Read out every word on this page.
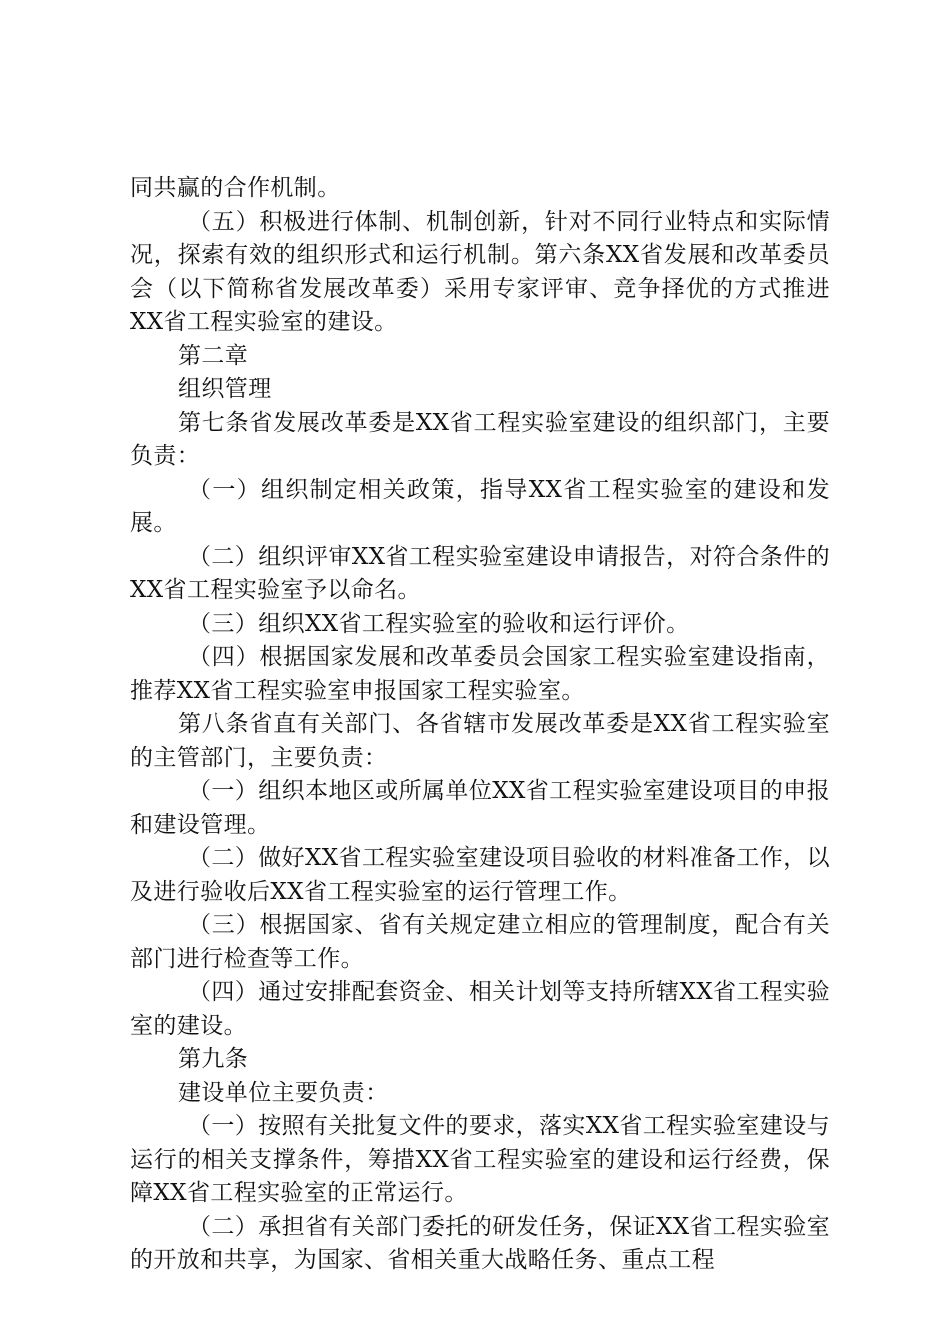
同共赢的合作机制。

（五）积极进行体制、机制创新，针对不同行业特点和实际情况，探索有效的组织形式和运行机制。第六条XX省发展和改革委员会（以下简称省发展改革委）采用专家评审、竞争择优的方式推进XX省工程实验室的建设。

第二章

组织管理

第七条省发展改革委是XX省工程实验室建设的组织部门，主要负责：

（一）组织制定相关政策，指导XX省工程实验室的建设和发展。

（二）组织评审XX省工程实验室建设申请报告，对符合条件的XX省工程实验室予以命名。

（三）组织XX省工程实验室的验收和运行评价。

（四）根据国家发展和改革委员会国家工程实验室建设指南，推荐XX省工程实验室申报国家工程实验室。

第八条省直有关部门、各省辖市发展改革委是XX省工程实验室的主管部门，主要负责：

（一）组织本地区或所属单位XX省工程实验室建设项目的申报和建设管理。

（二）做好XX省工程实验室建设项目验收的材料准备工作，以及进行验收后XX省工程实验室的运行管理工作。

（三）根据国家、省有关规定建立相应的管理制度，配合有关部门进行检查等工作。

（四）通过安排配套资金、相关计划等支持所辖XX省工程实验室的建设。

第九条

建设单位主要负责：

（一）按照有关批复文件的要求，落实XX省工程实验室建设与运行的相关支撑条件，筹措XX省工程实验室的建设和运行经费，保障XX省工程实验室的正常运行。

（二）承担省有关部门委托的研发任务，保证XX省工程实验室的开放和共享，为国家、省相关重大战略任务、重点工程
